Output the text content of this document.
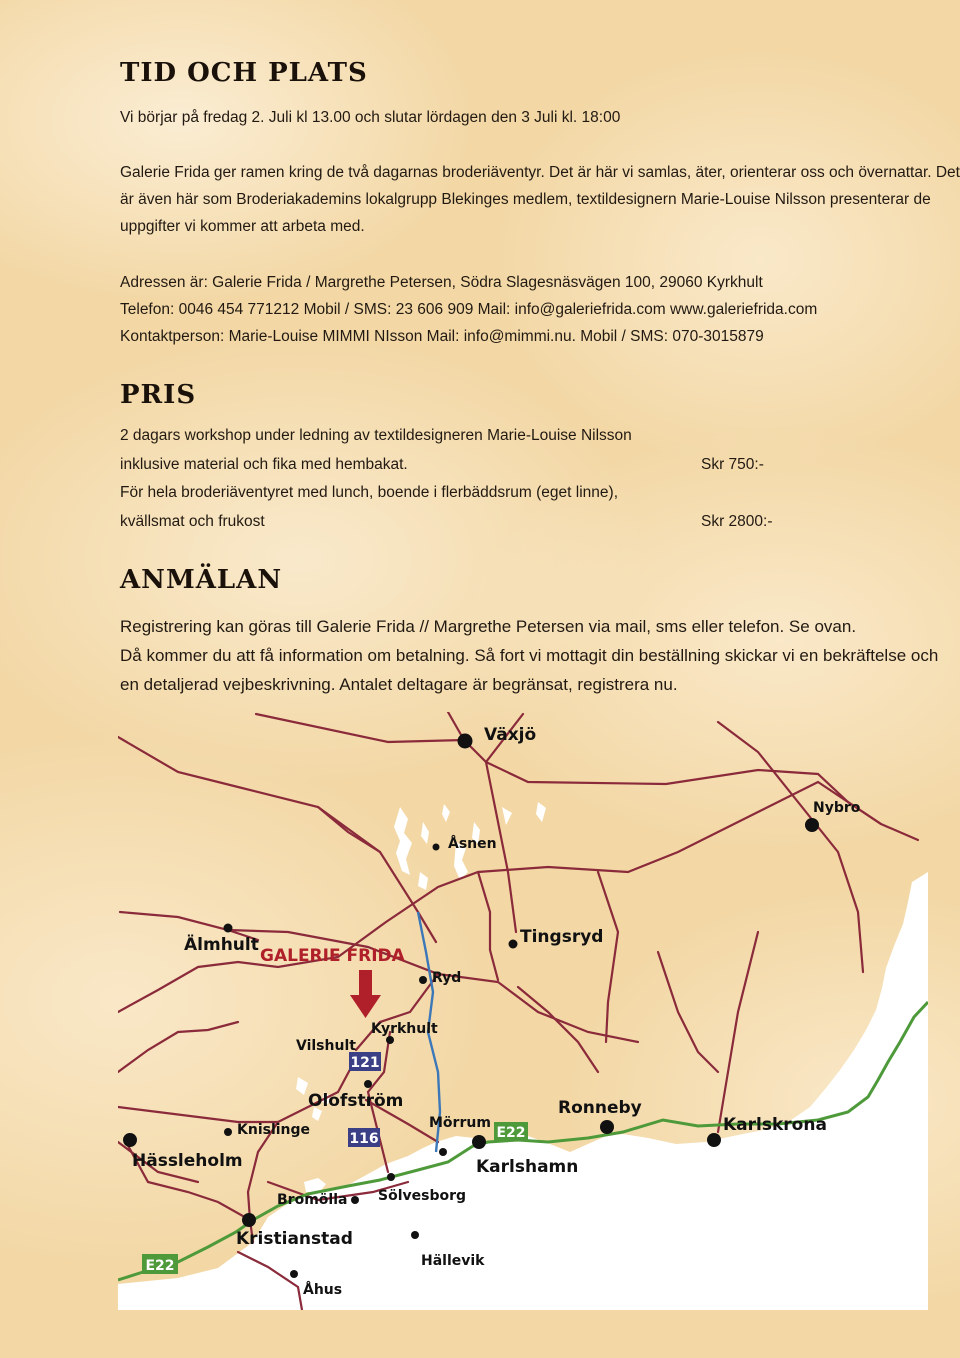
TID OCH PLATS

Vi börjar på fredag 2. Juli kl 13.00 och slutar lördagen den 3 Juli kl. 18:00

Galerie Frida ger ramen kring de två dagarnas broderiäventyr. Det är här vi samlas, äter, orienterar oss och övernattar. Det
är även här som Broderiakademins lokalgrupp Blekinges medlem, textildesignern Marie-Louise Nilsson presenterar de
uppgifter vi kommer att arbeta med.

Adressen är: Galerie Frida / Margrethe Petersen, Södra Slagesnäsvägen 100, 29060 Kyrkhult
Telefon: 0046 454 771212 Mobil / SMS: 23 606 909 Mail: info@galeriefrida.com www.galeriefrida.com
Kontaktperson: Marie-Louise MIMMI NIsson Mail: info@mimmi.nu. Mobil / SMS: 070-3015879

PRIS
2 dagars workshop under ledning av textildesigneren Marie-Louise Nilsson
inklusive material och fika med hembakat.	Skr 750:-
För hela broderiäventyret med lunch, boende i flerbäddsrum (eget linne),
kvällsmat och frukost	Skr 2800:-
ANMÄLAN

Registrering kan göras till Galerie Frida // Margrethe Petersen via mail, sms eller telefon. Se ovan.
Då kommer du att få information om betalning. Så fort vi mottagit din beställning skickar vi en bekräftelse och
en detaljerad vejbeskrivning. Antalet deltagare är begränsat, registrera nu.

121
116	E22
E22
Växjö
Nybro
Åsnen
Älmhult
GALERIE FRIDA
Tingsryd
Ryd
Kyrkhult
Vilshult
Olofström
Knislinge	Mörrum
Ronneby
Karlskrona
Hässleholm	Karlshamn
Bromölla Sölvesborg
Kristianstad
Hällevik
Åhus
